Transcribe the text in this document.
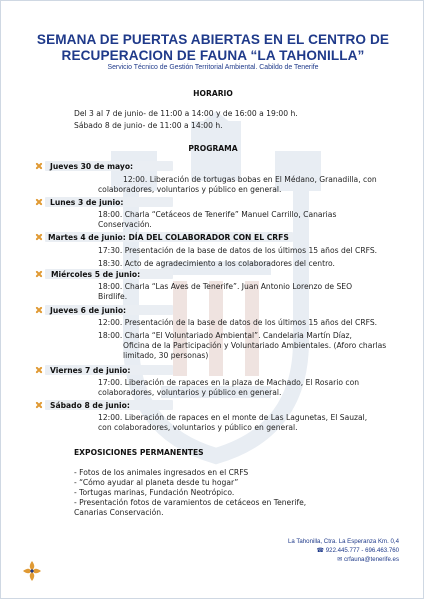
SEMANA DE PUERTAS ABIERTAS EN EL CENTRO DE
RECUPERACION DE FAUNA “LA TAHONILLA”
Servicio Técnico de Gestión Territorial Ambiental. Cabildo de Tenerife
HORARIO
Del 3 al 7 de junio- de 11:00 a 14:00 y de 16:00 a 19:00 h.
Sábado 8 de junio- de 11:00 a 14:00 h.
PROGRAMA
Jueves 30 de mayo:
12:00. Liberación de tortugas bobas en El Médano, Granadilla, con
colaboradores, voluntarios y público en general.
Lunes 3 de junio:
18:00. Charla “Cetáceos de Tenerife” Manuel Carrillo, Canarias
Conservación.
Martes 4 de junio: DÍA DEL COLABORADOR CON EL CRFS
17:30. Presentación de la base de datos de los últimos 15 años del CRFS.
18:30. Acto de agradecimiento a los colaboradores del centro.
Miércoles 5 de junio:
18:00. Charla “Las Aves de Tenerife”. Juan Antonio Lorenzo de SEO
Birdlife.
Jueves 6 de junio:
12:00. Presentación de la base de datos de los últimos 15 años del CRFS.
18:00. Charla “El Voluntariado Ambiental”. Candelaria Martín Díaz,
Oficina de la Participación y Voluntariado Ambientales. (Aforo charlas
limitado, 30 personas)
Viernes 7 de junio:
17:00. Liberación de rapaces en la plaza de Machado, El Rosario con
colaboradores, voluntarios y público en general.
Sábado 8 de junio:
12:00. Liberación de rapaces en el monte de Las Lagunetas, El Sauzal,
con colaboradores, voluntarios y público en general.
EXPOSICIONES PERMANENTES
- Fotos de los animales ingresados en el CRFS
- “Cómo ayudar al planeta desde tu hogar”
- Tortugas marinas, Fundación Neotrópico.
- Presentación fotos de varamientos de cetáceos en Tenerife,
Canarias Conservación.
La Tahonilla, Ctra. La Esperanza Km. 0,4
☎ 922.445.777 - 696.463.760
✉ crfauna@tenerife.es
